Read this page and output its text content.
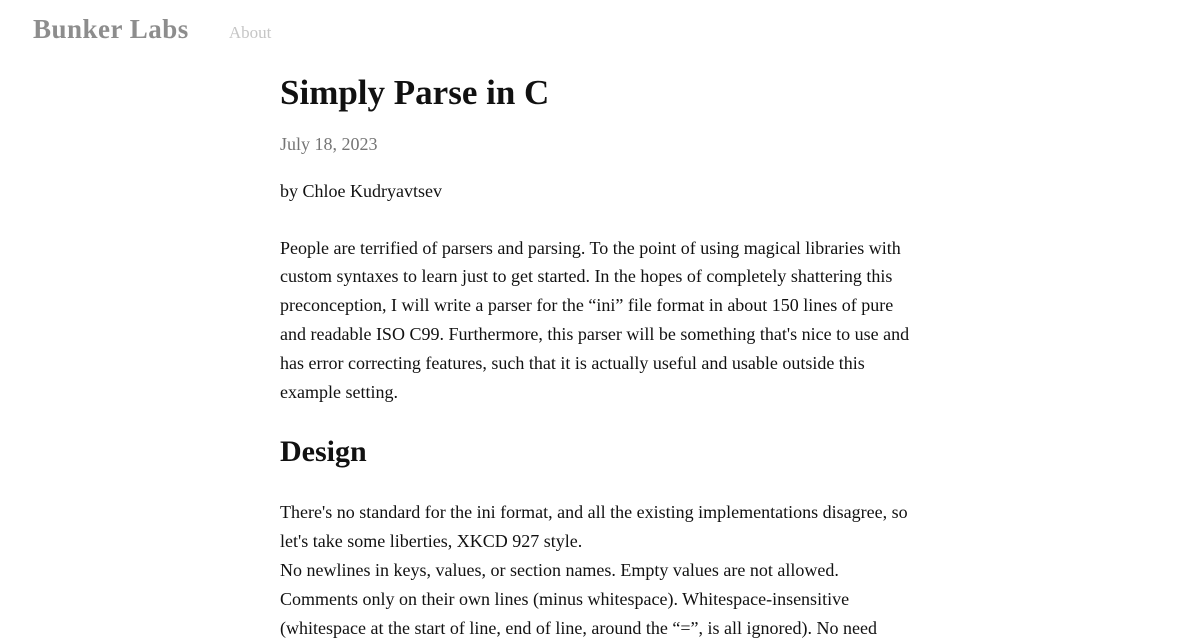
Bunker Labs About
Simply Parse in C

July 18, 2023

by Chloe Kudryavtsev

People are terrified of parsers and parsing. To the point of using magical libraries with custom syntaxes to learn just to get started. In the hopes of completely shattering this preconception, I will write a parser for the “ini” file format in about 150 lines of pure and readable ISO C99. Furthermore, this parser will be something that's nice to use and has error correcting features, such that it is actually useful and usable outside this example setting.

Design

There's no standard for the ini format, and all the existing implementations disagree, so let's take some liberties, XKCD 927 style.
No newlines in keys, values, or section names. Empty values are not allowed. Comments only on their own lines (minus whitespace). Whitespace-insensitive (whitespace at the start of line, end of line, around the “=”, is all ignored). No need
